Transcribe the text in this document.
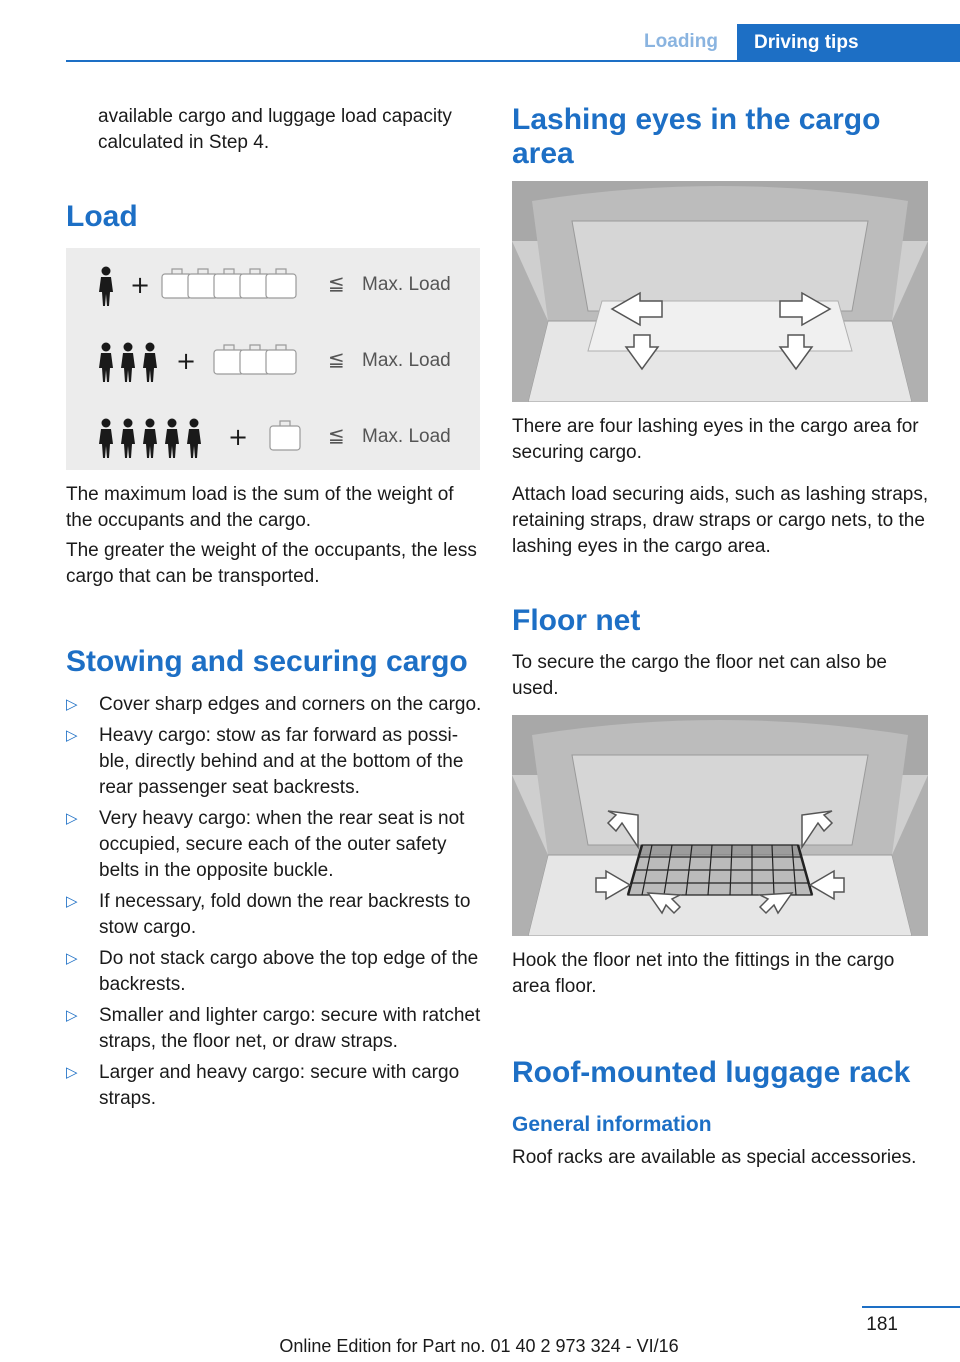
Loading	Driving tips
available cargo and luggage load capacity calculated in Step 4.
Load
+	≦ Max. Load
+	≦ Max. Load
+	≦ Max. Load
The maximum load is the sum of the weight of the occupants and the cargo.
The greater the weight of the occupants, the less cargo that can be transported.
Stowing and securing cargo
▷ Cover sharp edges and corners on the cargo.
▷ Heavy cargo: stow as far forward as possi‐ble, directly behind and at the bottom of the rear passenger seat backrests.
▷ Very heavy cargo: when the rear seat is not occupied, secure each of the outer safety belts in the opposite buckle.
▷ If necessary, fold down the rear backrests to stow cargo.
▷ Do not stack cargo above the top edge of the backrests.
▷ Smaller and lighter cargo: secure with ratchet straps, the floor net, or draw straps.
▷ Larger and heavy cargo: secure with cargo straps.
Lashing eyes in the cargo area
There are four lashing eyes in the cargo area for securing cargo.
Attach load securing aids, such as lashing straps, retaining straps, draw straps or cargo nets, to the lashing eyes in the cargo area.
Floor net
To secure the cargo the floor net can also be used.
Hook the floor net into the fittings in the cargo area floor.
Roof-mounted luggage rack
General information
Roof racks are available as special accessories.
181
Online Edition for Part no. 01 40 2 973 324 - VI/16
